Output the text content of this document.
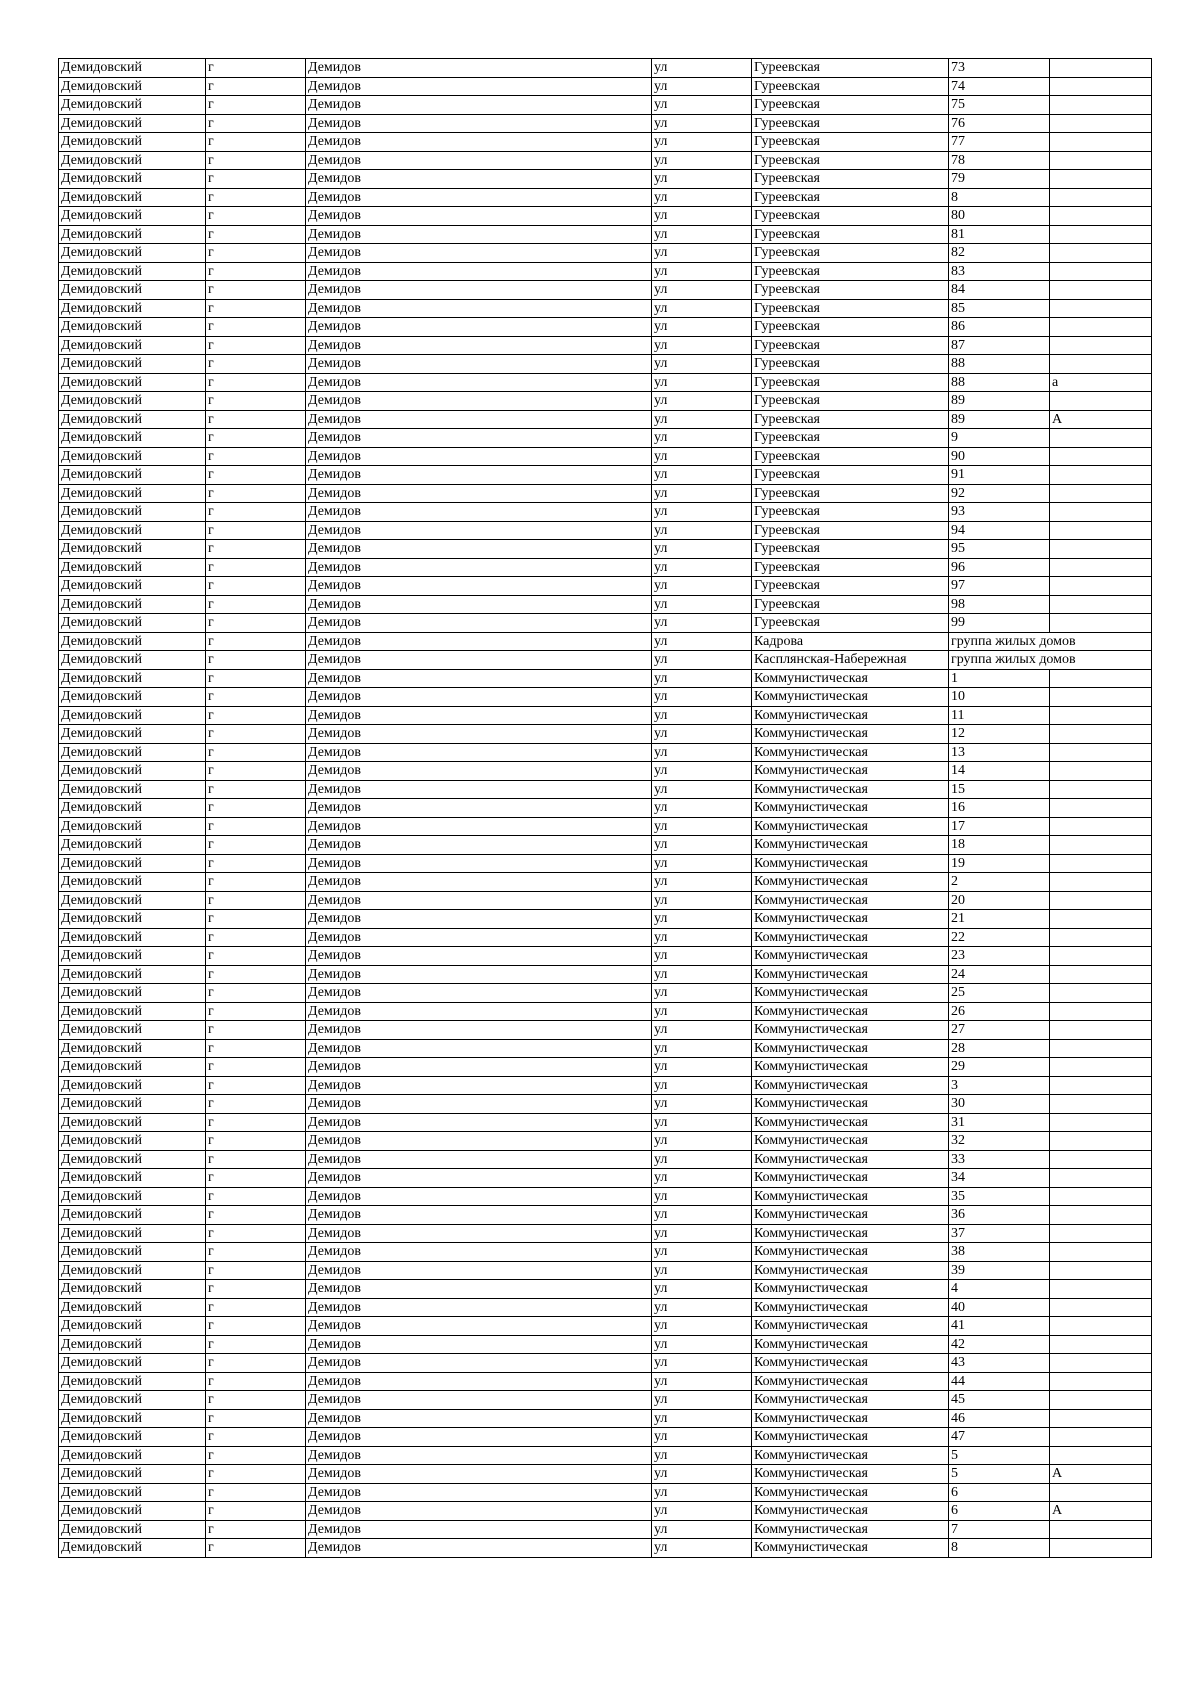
Демидовский	г	Демидов	ул	Гуреевская	73	
Демидовский	г	Демидов	ул	Гуреевская	74	
Демидовский	г	Демидов	ул	Гуреевская	75	
Демидовский	г	Демидов	ул	Гуреевская	76	
Демидовский	г	Демидов	ул	Гуреевская	77	
Демидовский	г	Демидов	ул	Гуреевская	78	
Демидовский	г	Демидов	ул	Гуреевская	79	
Демидовский	г	Демидов	ул	Гуреевская	8	
Демидовский	г	Демидов	ул	Гуреевская	80	
Демидовский	г	Демидов	ул	Гуреевская	81	
Демидовский	г	Демидов	ул	Гуреевская	82	
Демидовский	г	Демидов	ул	Гуреевская	83	
Демидовский	г	Демидов	ул	Гуреевская	84	
Демидовский	г	Демидов	ул	Гуреевская	85	
Демидовский	г	Демидов	ул	Гуреевская	86	
Демидовский	г	Демидов	ул	Гуреевская	87	
Демидовский	г	Демидов	ул	Гуреевская	88	
Демидовский	г	Демидов	ул	Гуреевская	88	а
Демидовский	г	Демидов	ул	Гуреевская	89	
Демидовский	г	Демидов	ул	Гуреевская	89	А
Демидовский	г	Демидов	ул	Гуреевская	9	
Демидовский	г	Демидов	ул	Гуреевская	90	
Демидовский	г	Демидов	ул	Гуреевская	91	
Демидовский	г	Демидов	ул	Гуреевская	92	
Демидовский	г	Демидов	ул	Гуреевская	93	
Демидовский	г	Демидов	ул	Гуреевская	94	
Демидовский	г	Демидов	ул	Гуреевская	95	
Демидовский	г	Демидов	ул	Гуреевская	96	
Демидовский	г	Демидов	ул	Гуреевская	97	
Демидовский	г	Демидов	ул	Гуреевская	98	
Демидовский	г	Демидов	ул	Гуреевская	99	
Демидовский	г	Демидов	ул	Кадрова	группа жилых домов	
Демидовский	г	Демидов	ул	Касплянская-Набережная	группа жилых домов	
Демидовский	г	Демидов	ул	Коммунистическая	1	
Демидовский	г	Демидов	ул	Коммунистическая	10	
Демидовский	г	Демидов	ул	Коммунистическая	11	
Демидовский	г	Демидов	ул	Коммунистическая	12	
Демидовский	г	Демидов	ул	Коммунистическая	13	
Демидовский	г	Демидов	ул	Коммунистическая	14	
Демидовский	г	Демидов	ул	Коммунистическая	15	
Демидовский	г	Демидов	ул	Коммунистическая	16	
Демидовский	г	Демидов	ул	Коммунистическая	17	
Демидовский	г	Демидов	ул	Коммунистическая	18	
Демидовский	г	Демидов	ул	Коммунистическая	19	
Демидовский	г	Демидов	ул	Коммунистическая	2	
Демидовский	г	Демидов	ул	Коммунистическая	20	
Демидовский	г	Демидов	ул	Коммунистическая	21	
Демидовский	г	Демидов	ул	Коммунистическая	22	
Демидовский	г	Демидов	ул	Коммунистическая	23	
Демидовский	г	Демидов	ул	Коммунистическая	24	
Демидовский	г	Демидов	ул	Коммунистическая	25	
Демидовский	г	Демидов	ул	Коммунистическая	26	
Демидовский	г	Демидов	ул	Коммунистическая	27	
Демидовский	г	Демидов	ул	Коммунистическая	28	
Демидовский	г	Демидов	ул	Коммунистическая	29	
Демидовский	г	Демидов	ул	Коммунистическая	3	
Демидовский	г	Демидов	ул	Коммунистическая	30	
Демидовский	г	Демидов	ул	Коммунистическая	31	
Демидовский	г	Демидов	ул	Коммунистическая	32	
Демидовский	г	Демидов	ул	Коммунистическая	33	
Демидовский	г	Демидов	ул	Коммунистическая	34	
Демидовский	г	Демидов	ул	Коммунистическая	35	
Демидовский	г	Демидов	ул	Коммунистическая	36	
Демидовский	г	Демидов	ул	Коммунистическая	37	
Демидовский	г	Демидов	ул	Коммунистическая	38	
Демидовский	г	Демидов	ул	Коммунистическая	39	
Демидовский	г	Демидов	ул	Коммунистическая	4	
Демидовский	г	Демидов	ул	Коммунистическая	40	
Демидовский	г	Демидов	ул	Коммунистическая	41	
Демидовский	г	Демидов	ул	Коммунистическая	42	
Демидовский	г	Демидов	ул	Коммунистическая	43	
Демидовский	г	Демидов	ул	Коммунистическая	44	
Демидовский	г	Демидов	ул	Коммунистическая	45	
Демидовский	г	Демидов	ул	Коммунистическая	46	
Демидовский	г	Демидов	ул	Коммунистическая	47	
Демидовский	г	Демидов	ул	Коммунистическая	5	
Демидовский	г	Демидов	ул	Коммунистическая	5	А
Демидовский	г	Демидов	ул	Коммунистическая	6	
Демидовский	г	Демидов	ул	Коммунистическая	6	А
Демидовский	г	Демидов	ул	Коммунистическая	7	
Демидовский	г	Демидов	ул	Коммунистическая	8	
